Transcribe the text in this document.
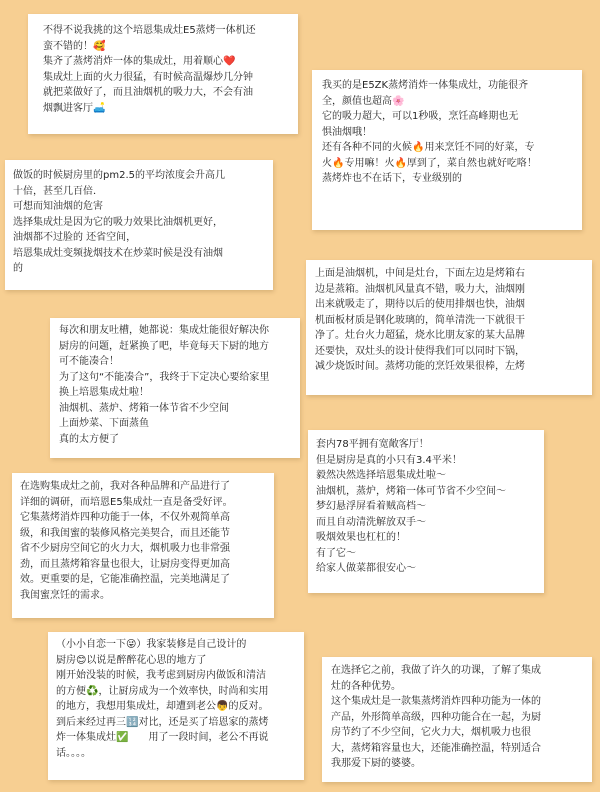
不得不说我挑的这个培恩集成灶E5蒸烤一体机还
蛮不错的！🥰
集齐了蒸烤消炸一体的集成灶，用着顺心❤️
集成灶上面的火力很猛，有时候高温爆炒几分钟
就把菜做好了，而且油烟机的吸力大，不会有油
烟飘进客厅🛋️
我买的是E5ZK蒸烤消炸一体集成灶，功能很齐
全，颜值也超高🌸
它的吸力超大，可以1秒吸，烹饪高峰期也无
惧油烟哦！
还有各种不同的火候🔥用来烹饪不同的好菜，专
火🔥专用嘛！火🔥厚到了，菜自然也就好吃咯！
蒸烤炸也不在话下，专业级别的
做饭的时候厨房里的pm2.5的平均浓度会升高几
十倍，甚至几百倍．
可想而知油烟的危害
选择集成灶是因为它的吸力效果比油烟机更好，
油烟都不过脸的 还省空间，
培恩集成灶变频拢烟技术在炒菜时候是没有油烟
的	上面是油烟机，中间是灶台，下面左边是烤箱右
边是蒸箱。油烟机风量真不错，吸力大，油烟刚
出来就吸走了，期待以后的使用排烟也快，油烟
机面板材质是钢化玻璃的，简单清洗一下就很干
净了。灶台火力超猛，烧水比朋友家的某大品牌
还要快，双灶头的设计使得我们可以同时下锅，
减少烧饭时间。蒸烤功能的烹饪效果很棒，左烤
每次和朋友吐槽，她都说：集成灶能很好解决你
厨房的问题，赶紧换了吧，毕竟每天下厨的地方
可不能凑合！
为了这句“不能凑合”，我终于下定决心要给家里
换上培恩集成灶啦！
油烟机、蒸炉、烤箱一体节省不少空间
上面炒菜、下面蒸鱼
真的太方便了	套内78平拥有宽敞客厅！
但是厨房是真的小只有3.4平米！
毅然决然选择培恩集成灶啦～
油烟机，蒸炉，烤箱一体可节省不少空间～
梦幻悬浮屏看着贼高档～
而且自动清洗解放双手～
吸烟效果也杠杠的！
有了它～
给家人做菜都很安心～
在选购集成灶之前，我对各种品牌和产品进行了
详细的调研，而培恩E5集成灶一直是备受好评。
它集蒸烤消炸四种功能于一体，不仅外观简单高
级，和我闺蜜的装修风格完美契合，而且还能节
省不少厨房空间它的火力大，烟机吸力也非常强
劲，而且蒸烤箱容量也很大，让厨房变得更加高
效。更重要的是，它能准确控温，完美地满足了
我闺蜜烹饪的需求。
（小小自恋一下😜）我家装修是自己设计的
厨房😊以说是醉醉花心思的地方了
刚开始没装的时候，我考虑到厨房内做饭和清洁
的方便♻️，让厨房成为一个效率快，时尚和实用
的地方，我想用集成灶，却遭到老公👦的反对。
到后来经过再三🔢对比，还是买了培恩家的蒸烤
炸一体集成灶✅　　用了一段时间，老公不再说
话。。。。
在选择它之前，我做了许久的功课，了解了集成
灶的各种优势。
这个集成灶是一款集蒸烤消炸四种功能为一体的
产品，外形简单高级，四种功能合在一起，为厨
房节约了不少空间，它火力大，烟机吸力也很
大，蒸烤箱容量也大，还能准确控温，特别适合
我那爱下厨的婆婆。
